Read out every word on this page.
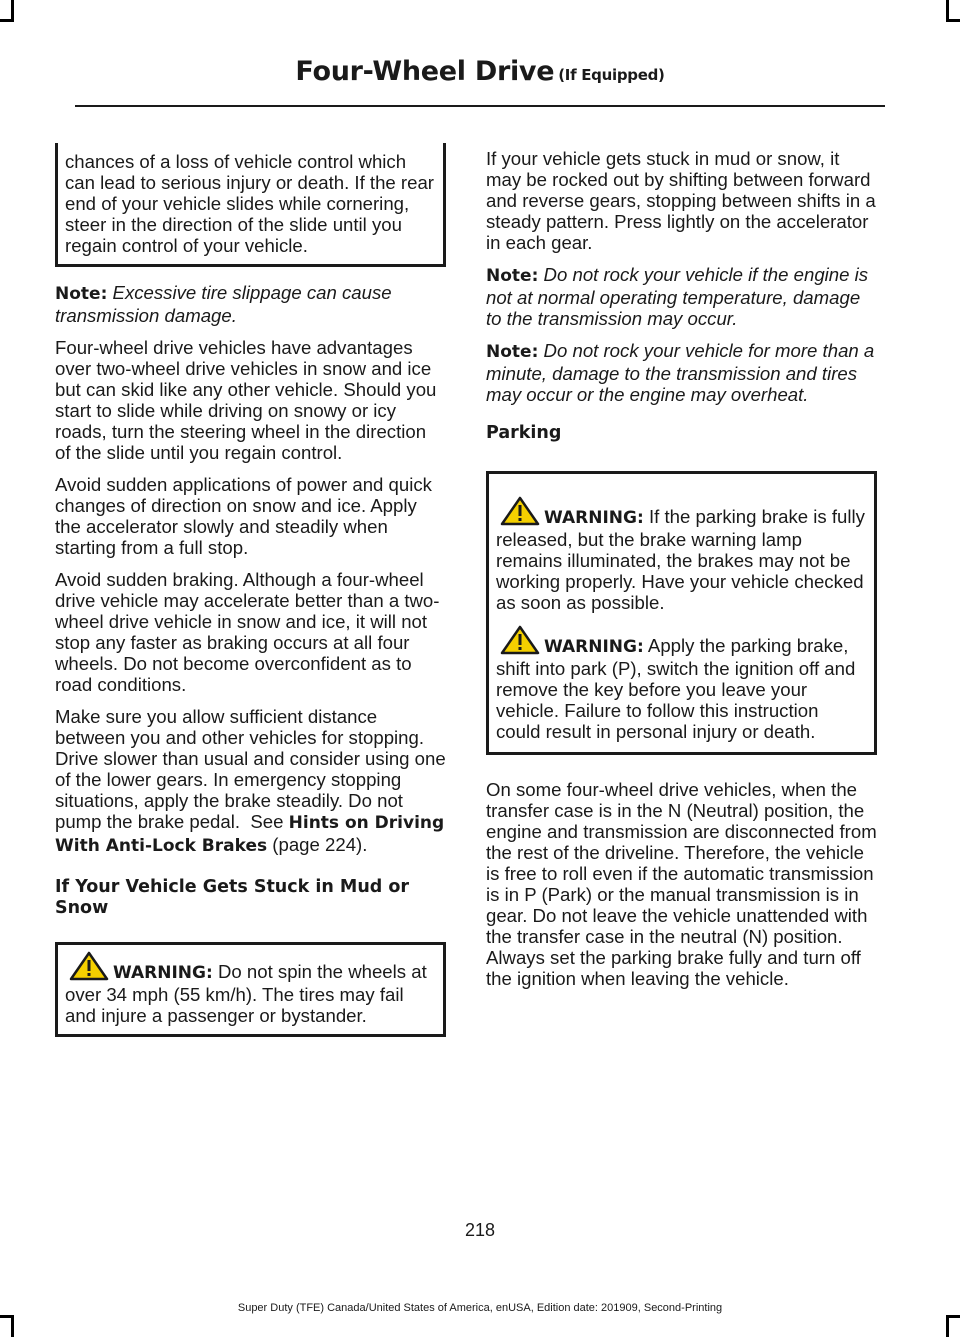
Four-Wheel Drive (If Equipped)

chances of a loss of vehicle control which can lead to serious injury or death. If the rear end of your vehicle slides while cornering, steer in the direction of the slide until you regain control of your vehicle.

Note: Excessive tire slippage can cause transmission damage.

Four-wheel drive vehicles have advantages over two-wheel drive vehicles in snow and ice but can skid like any other vehicle. Should you start to slide while driving on snowy or icy roads, turn the steering wheel in the direction of the slide until you regain control.

Avoid sudden applications of power and quick changes of direction on snow and ice. Apply the accelerator slowly and steadily when starting from a full stop.

Avoid sudden braking. Although a four-wheel drive vehicle may accelerate better than a two-wheel drive vehicle in snow and ice, it will not stop any faster as braking occurs at all four wheels. Do not become overconfident as to road conditions.

Make sure you allow sufficient distance between you and other vehicles for stopping. Drive slower than usual and consider using one of the lower gears. In emergency stopping situations, apply the brake steadily. Do not pump the brake pedal. See Hints on Driving With Anti-Lock Brakes (page 224).

If Your Vehicle Gets Stuck in Mud or Snow

WARNING: Do not spin the wheels at over 34 mph (55 km/h). The tires may fail and injure a passenger or bystander.

If your vehicle gets stuck in mud or snow, it may be rocked out by shifting between forward and reverse gears, stopping between shifts in a steady pattern. Press lightly on the accelerator in each gear.

Note: Do not rock your vehicle if the engine is not at normal operating temperature, damage to the transmission may occur.

Note: Do not rock your vehicle for more than a minute, damage to the transmission and tires may occur or the engine may overheat.

Parking

WARNING: If the parking brake is fully released, but the brake warning lamp remains illuminated, the brakes may not be working properly. Have your vehicle checked as soon as possible.

WARNING: Apply the parking brake, shift into park (P), switch the ignition off and remove the key before you leave your vehicle. Failure to follow this instruction could result in personal injury or death.

On some four-wheel drive vehicles, when the transfer case is in the N (Neutral) position, the engine and transmission are disconnected from the rest of the driveline. Therefore, the vehicle is free to roll even if the automatic transmission is in P (Park) or the manual transmission is in gear. Do not leave the vehicle unattended with the transfer case in the neutral (N) position. Always set the parking brake fully and turn off the ignition when leaving the vehicle.

218
Super Duty (TFE) Canada/United States of America, enUSA, Edition date: 201909, Second-Printing
